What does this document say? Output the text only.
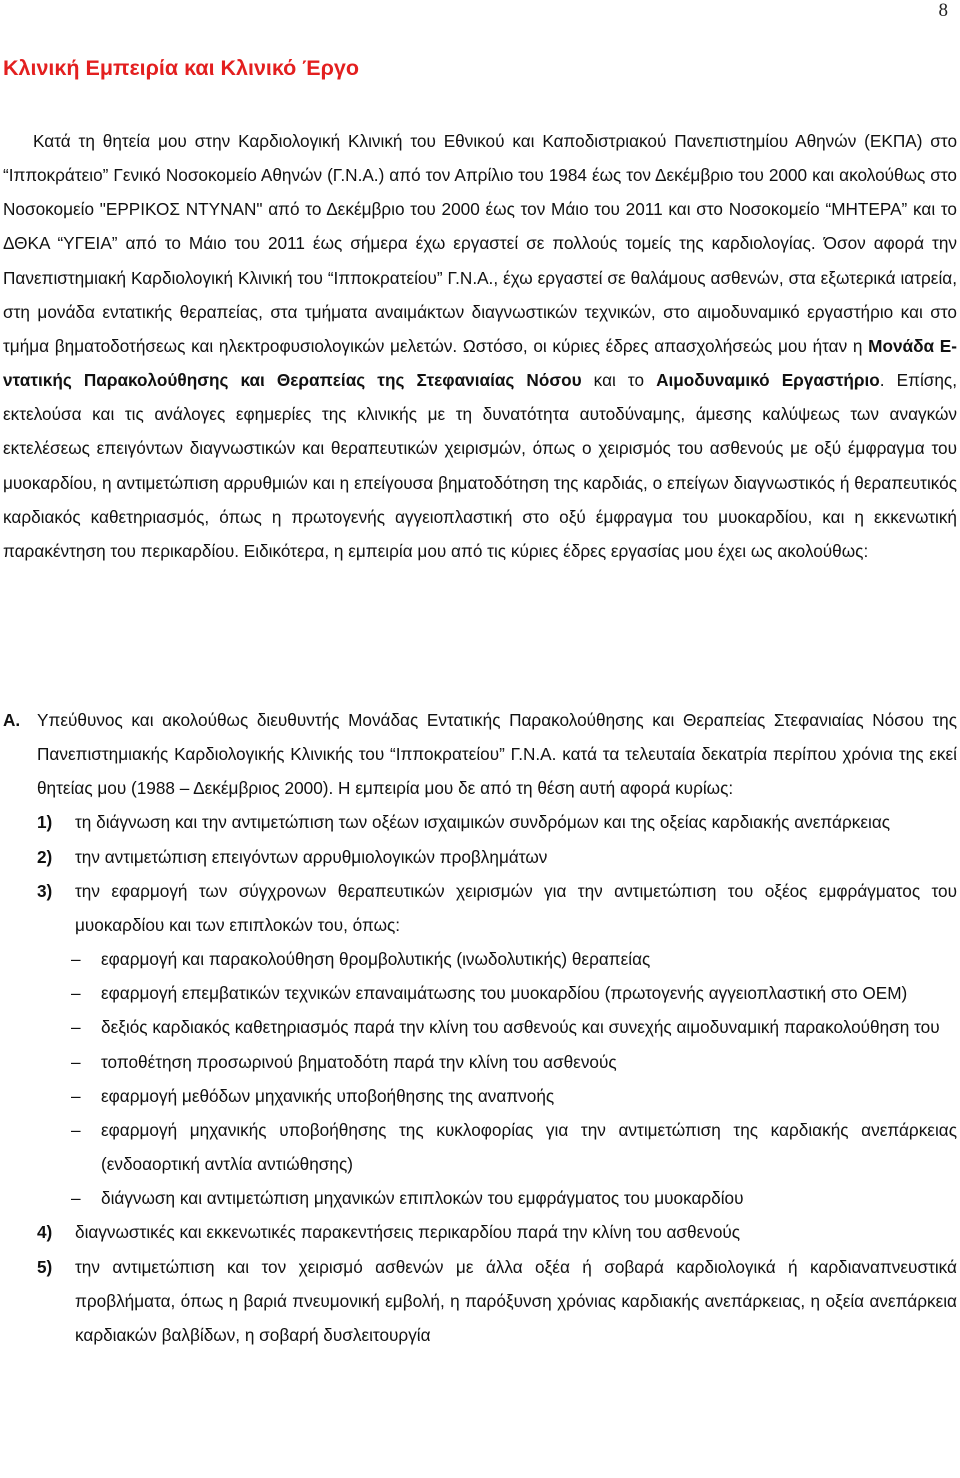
8
Κλινική Εμπειρία και Κλινικό Έργο

Κατά τη θητεία μου στην Καρδιολογική Κλινική του Εθνικού και Καποδιστριακού Πανεπιστημίου Αθηνών (ΕΚΠΑ) στο “Ιπποκράτειο” Γενικό Νοσοκομείο Αθηνών (Γ.Ν.Α.) από τον Απρίλιο του 1984 έως τον Δεκέμβριο του 2000 και ακολούθως στο Νοσοκομείο "ΕΡΡΙΚΟΣ ΝΤΥΝΑΝ" από το Δεκέμβριο του 2000 έως τον Μάιο του 2011 και στο Νοσοκομείο “ΜΗΤΕΡΑ” και το ΔΘΚΑ “ΥΓΕΙΑ” από το Μάιο του 2011 έως σήμερα έχω εργαστεί σε πολλούς τομείς της καρδιολογίας. Όσον αφορά την Πανεπιστημιακή Καρδιολογική Κλινική του “Ιπποκρατείου” Γ.Ν.Α., έχω εργαστεί σε θαλάμους ασθενών, στα εξωτερικά ιατρεία, στη μονάδα εντατικής θεραπείας, στα τμήματα αναιμάκτων διαγνωστικών τεχνικών, στο αιμοδυναμικό εργαστήριο και στο τμήμα βηματοδοτήσεως και ηλεκτροφυσιολογικών μελετών. Ωστόσο, οι κύριες έδρες απασχολήσεώς μου ήταν η Μονάδα Εντατικής Παρακολούθησης και Θεραπείας της Στεφανιαίας Νόσου και το Αιμοδυναμικό Εργαστήριο. Επίσης, εκτελούσα και τις ανάλογες εφημερίες της κλινικής με τη δυνατότητα αυτοδύναμης, άμεσης καλύψεως των αναγκών εκτελέσεως επειγόντων διαγνωστικών και θεραπευτικών χειρισμών, όπως ο χειρισμός του ασθενούς με οξύ έμφραγμα του μυοκαρδίου, η αντιμετώπιση αρρυθμιών και η επείγουσα βηματοδότηση της καρδιάς, ο επείγων διαγνωστικός ή θεραπευτικός καρδιακός καθετηριασμός, όπως η πρωτογενής αγγειοπλαστική στο οξύ έμφραγμα του μυοκαρδίου, και η εκκενωτική παρακέντηση του περικαρδίου. Ειδικότερα, η εμπειρία μου από τις κύριες έδρες εργασίας μου έχει ως ακολούθως:

A. Υπεύθυνος και ακολούθως διευθυντής Μονάδας Εντατικής Παρακολούθησης και Θεραπείας Στεφανιαίας Νόσου της Πανεπιστημιακής Καρδιολογικής Κλινικής του “Ιπποκρατείου” Γ.Ν.Α. κατά τα τελευταία δεκατρία περίπου χρόνια της εκεί θητείας μου (1988 – Δεκέμβριος 2000). Η εμπειρία μου δε από τη θέση αυτή αφορά κυρίως:
1) τη διάγνωση και την αντιμετώπιση των οξέων ισχαιμικών συνδρόμων και της οξείας καρδιακής ανεπάρκειας
2) την αντιμετώπιση επειγόντων αρρυθμιολογικών προβλημάτων
3) την εφαρμογή των σύγχρονων θεραπευτικών χειρισμών για την αντιμετώπιση του οξέος εμφράγματος του μυοκαρδίου και των επιπλοκών του, όπως:
– εφαρμογή και παρακολούθηση θρομβολυτικής (ινωδολυτικής) θεραπείας
– εφαρμογή επεμβατικών τεχνικών επαναιμάτωσης του μυοκαρδίου (πρωτογενής αγγειοπλαστική στο ΟΕΜ)
– δεξιός καρδιακός καθετηριασμός παρά την κλίνη του ασθενούς και συνεχής αιμοδυναμική παρακολούθηση του
– τοποθέτηση προσωρινού βηματοδότη παρά την κλίνη του ασθενούς
– εφαρμογή μεθόδων μηχανικής υποβοήθησης της αναπνοής
– εφαρμογή μηχανικής υποβοήθησης της κυκλοφορίας για την αντιμετώπιση της καρδιακής ανεπάρκειας (ενδοαορτική αντλία αντιώθησης)
– διάγνωση και αντιμετώπιση μηχανικών επιπλοκών του εμφράγματος του μυοκαρδίου
4) διαγνωστικές και εκκενωτικές παρακεντήσεις περικαρδίου παρά την κλίνη του ασθενούς
5) την αντιμετώπιση και τον χειρισμό ασθενών με άλλα οξέα ή σοβαρά καρδιολογικά ή καρδιαναπνευστικά προβλήματα, όπως η βαριά πνευμονική εμβολή, η παρόξυνση χρόνιας καρδιακής ανεπάρκειας, η οξεία ανεπάρκεια καρδιακών βαλβίδων, η σοβαρή δυσλειτουργία
